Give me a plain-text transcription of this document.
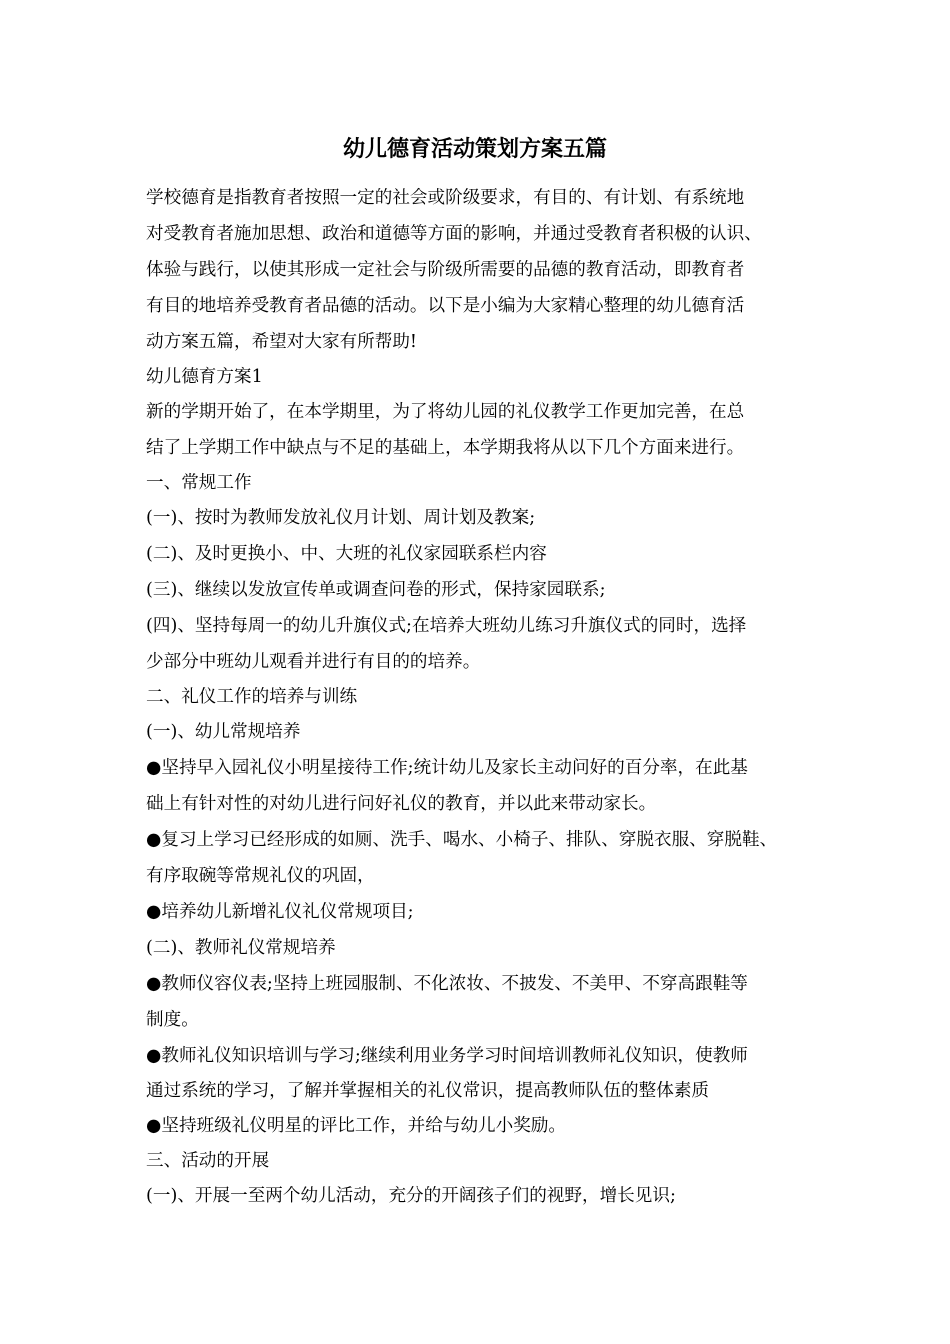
幼儿德育活动策划方案五篇
学校德育是指教育者按照一定的社会或阶级要求，有目的、有计划、有系统地
对受教育者施加思想、政治和道德等方面的影响，并通过受教育者积极的认识、
体验与践行，以使其形成一定社会与阶级所需要的品德的教育活动，即教育者
有目的地培养受教育者品德的活动。以下是小编为大家精心整理的幼儿德育活
动方案五篇，希望对大家有所帮助!
幼儿德育方案1
新的学期开始了，在本学期里，为了将幼儿园的礼仪教学工作更加完善，在总
结了上学期工作中缺点与不足的基础上，本学期我将从以下几个方面来进行。
一、常规工作
(一)、按时为教师发放礼仪月计划、周计划及教案;
(二)、及时更换小、中、大班的礼仪家园联系栏内容
(三)、继续以发放宣传单或调查问卷的形式，保持家园联系;
(四)、坚持每周一的幼儿升旗仪式;在培养大班幼儿练习升旗仪式的同时，选择
少部分中班幼儿观看并进行有目的的培养。
二、礼仪工作的培养与训练
(一)、幼儿常规培养
●坚持早入园礼仪小明星接待工作;统计幼儿及家长主动问好的百分率，在此基
础上有针对性的对幼儿进行问好礼仪的教育，并以此来带动家长。
●复习上学习已经形成的如厕、洗手、喝水、小椅子、排队、穿脱衣服、穿脱鞋、
有序取碗等常规礼仪的巩固，
●培养幼儿新增礼仪礼仪常规项目;
(二)、教师礼仪常规培养
●教师仪容仪表;坚持上班园服制、不化浓妆、不披发、不美甲、不穿高跟鞋等
制度。
●教师礼仪知识培训与学习;继续利用业务学习时间培训教师礼仪知识，使教师
通过系统的学习，了解并掌握相关的礼仪常识，提高教师队伍的整体素质
●坚持班级礼仪明星的评比工作，并给与幼儿小奖励。
三、活动的开展
(一)、开展一至两个幼儿活动，充分的开阔孩子们的视野，增长见识;
